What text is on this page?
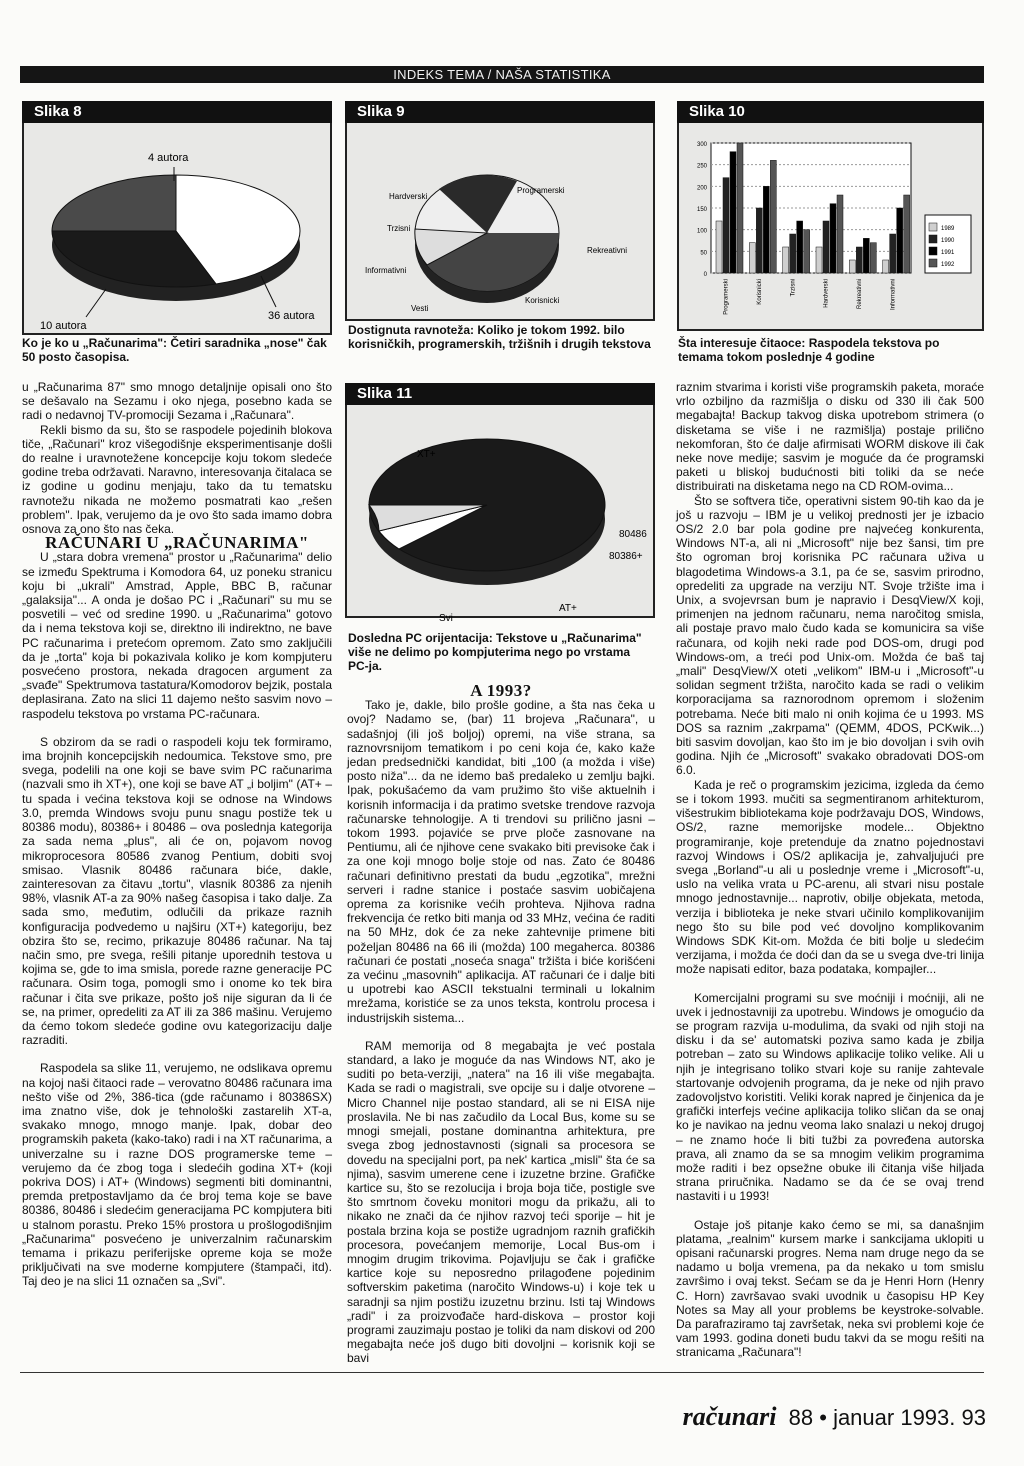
INDEKS TEMA / NAŠA STATISTIKA
Slika 8
4 autora
10 autora
36 autora
Ko je ko u „Računarima": Četiri saradnika „nose" čak 50 posto časopisa.
Slika 9
Programerski
Hardverski
Trzisni
Informativni
Vesti
Korisnicki
Rekreativni
Dostignuta ravnoteža: Koliko je tokom 1992. bilo korisničkih, programerskih, tržišnih i drugih tekstova
Slika 10
0
50
100
150
200
250
300
Programerski	Korisnicki	Trzisni	Hardverski	Rekreativni	Informativni
1989
1990
1991
1992
Šta interesuje čitaoce: Raspodela tekstova po temama tokom poslednje 4 godine
Slika 11
XT+
80486
80386+
AT+
Svi
Dosledna PC orijentacija: Tekstove u „Računarima" više ne delimo po kompjuterima nego po vrstama PC-ja.

u „Računarima 87" smo mnogo detaljnije opisali ono što se dešavalo na Sezamu i oko njega, posebno kada se radi o nedavnoj TV-promociji Sezama i „Računara".

Rekli bismo da su, što se raspodele pojedinih blokova tiče, „Računari" kroz višegodišnje eksperimentisanje došli do realne i uravnotežene koncepcije koju tokom sledeće godine treba održavati. Naravno, interesovanja čitalaca se iz godine u godinu menjaju, tako da tu tematsku ravnotežu nikada ne možemo posmatrati kao „rešen problem". Ipak, verujemo da je ovo što sada imamo dobra osnova za ono što nas čeka.

RAČUNARI U „RAČUNARIMA"

U „stara dobra vremena" prostor u „Računarima" delio se između Spektruma i Komodora 64, uz poneku stranicu koju bi „ukrali" Amstrad, Apple, BBC B, računar „galaksija"... A onda je došao PC i „Računari" su mu se posvetili – već od sredine 1990. u „Računarima" gotovo da i nema tekstova koji se, direktno ili indirektno, ne bave PC računarima i pretećom opremom. Zato smo zaključili da je „torta" koja bi pokazivala koliko je kom kompjuteru posvećeno prostora, nekada dragocen argument za „svađe" Spektrumova tastatura/Komodorov bejzik, postala deplasirana. Zato na slici 11 dajemo nešto sasvim novo – raspodelu tekstova po vrstama PC-računara.

S obzirom da se radi o raspodeli koju tek formiramo, ima brojnih koncepcijskih nedoumica. Tekstove smo, pre svega, podelili na one koji se bave svim PC računarima (nazvali smo ih XT+), one koji se bave AT „i boljim" (AT+ – tu spada i većina tekstova koji se odnose na Windows 3.0, premda Windows svoju punu snagu postiže tek u 80386 modu), 80386+ i 80486 – ova poslednja kategorija za sada nema „plus", ali će on, pojavom novog mikroprocesora 80586 zvanog Pentium, dobiti svoj smisao. Vlasnik 80486 računara biće, dakle, zainteresovan za čitavu „tortu", vlasnik 80386 za njenih 98%, vlasnik AT-a za 90% našeg časopisa i tako dalje. Za sada smo, međutim, odlučili da prikaze raznih konfiguracija podvedemo u najširu (XT+) kategoriju, bez obzira što se, recimo, prikazuje 80486 računar. Na taj način smo, pre svega, rešili pitanje uporednih testova u kojima se, gde to ima smisla, porede razne generacije PC računara. Osim toga, pomogli smo i onome ko tek bira računar i čita sve prikaze, pošto još nije siguran da li će se, na primer, opredeliti za AT ili za 386 mašinu. Verujemo da ćemo tokom sledeće godine ovu kategorizaciju dalje razraditi.

Raspodela sa slike 11, verujemo, ne odslikava opremu na kojoj naši čitaoci rade – verovatno 80486 računara ima nešto više od 2%, 386-tica (gde računamo i 80386SX) ima znatno više, dok je tehnološki zastarelih XT-a, svakako mnogo, mnogo manje. Ipak, dobar deo programskih paketa (kako-tako) radi i na XT računarima, a univerzalne su i razne DOS programerske teme – verujemo da će zbog toga i sledećih godina XT+ (koji pokriva DOS) i AT+ (Windows) segmenti biti dominantni, premda pretpostavljamo da će broj tema koje se bave 80386, 80486 i sledećim generacijama PC kompjutera biti u stalnom porastu. Preko 15% prostora u prošlogodišnjim „Računarima" posvećeno je univerzalnim računarskim temama i prikazu periferijske opreme koja se može priključivati na sve moderne kompjutere (štampači, itd). Taj deo je na slici 11 označen sa „Svi".

A 1993?

Tako je, dakle, bilo prošle godine, a šta nas čeka u ovoj? Nadamo se, (bar) 11 brojeva „Računara", u sadašnjoj (ili još boljoj) opremi, na više strana, sa raznovrsnijom tematikom i po ceni koja će, kako kaže jedan predsednički kandidat, biti „100 (a možda i više) posto niža"... da ne idemo baš predaleko u zemlju bajki. Ipak, pokušaćemo da vam pružimo što više aktuelnih i korisnih informacija i da pratimo svetske trendove razvoja računarske tehnologije. A ti trendovi su prilično jasni – tokom 1993. pojaviće se prve ploče zasnovane na Pentiumu, ali će njihove cene svakako biti previsoke čak i za one koji mnogo bolje stoje od nas. Zato će 80486 računari definitivno prestati da budu „egzotika", mrežni serveri i radne stanice i postaće sasvim uobičajena oprema za korisnike većih prohteva. Njihova radna frekvencija će retko biti manja od 33 MHz, većina će raditi na 50 MHz, dok će za neke zahtevnije primene biti poželjan 80486 na 66 ili (možda) 100 megaherca. 80386 računari će postati „noseća snaga" tržišta i biće korišćeni za većinu „masovnih" aplikacija. AT računari će i dalje biti u upotrebi kao ASCII tekstualni terminali u lokalnim mrežama, koristiće se za unos teksta, kontrolu procesa i industrijskih sistema...

RAM memorija od 8 megabajta je već postala standard, a lako je moguće da nas Windows NT, ako je suditi po beta-verziji, „natera" na 16 ili više megabajta. Kada se radi o magistrali, sve opcije su i dalje otvorene – Micro Channel nije postao standard, ali se ni EISA nije proslavila. Ne bi nas začudilo da Local Bus, kome su se mnogi smejali, postane dominantna arhitektura, pre svega zbog jednostavnosti (signali sa procesora se dovedu na specijalni port, pa nek' kartica „misli" šta će sa njima), sasvim umerene cene i izuzetne brzine. Grafičke kartice su, što se rezolucija i broja boja tiče, postigle sve što smrtnom čoveku monitori mogu da prikažu, ali to nikako ne znači da će njihov razvoj teći sporije – hit je postala brzina koja se postiže ugradnjom raznih grafičkih procesora, povećanjem memorije, Local Bus-om i mnogim drugim trikovima. Pojavljuju se čak i grafičke kartice koje su neposredno prilagođene pojedinim softverskim paketima (naročito Windows-u) i koje tek u saradnji sa njim postižu izuzetnu brzinu. Isti taj Windows „radi" i za proizvođače hard-diskova – prostor koji programi zauzimaju postao je toliki da nam diskovi od 200 megabajta neće još dugo biti dovoljni – korisnik koji se bavi

raznim stvarima i koristi više programskih paketa, moraće vrlo ozbiljno da razmišlja o disku od 330 ili čak 500 megabajta! Backup takvog diska upotrebom strimera (o disketama se više i ne razmišlja) postaje prilično nekomforan, što će dalje afirmisati WORM diskove ili čak neke nove medije; sasvim je moguće da će programski paketi u bliskoj budućnosti biti toliki da se neće distribuirati na disketama nego na CD ROM-ovima...

Što se softvera tiče, operativni sistem 90-tih kao da je još u razvoju – IBM je u velikoj prednosti jer je izbacio OS/2 2.0 bar pola godine pre najvećeg konkurenta, Windows NT-a, ali ni „Microsoft" nije bez šansi, tim pre što ogroman broj korisnika PC računara uživa u blagodetima Windows-a 3.1, pa će se, sasvim prirodno, opredeliti za upgrade na verziju NT. Svoje tržište ima i Unix, a svojevrsan bum je napravio i DesqView/X koji, primenjen na jednom računaru, nema naročitog smisla, ali postaje pravo malo čudo kada se komunicira sa više računara, od kojih neki rade pod DOS-om, drugi pod Windows-om, a treći pod Unix-om. Možda će baš taj „mali" DesqView/X oteti „velikom" IBM-u i „Microsoft"-u solidan segment tržišta, naročito kada se radi o velikim korporacijama sa raznorodnom opremom i složenim potrebama. Neće biti malo ni onih kojima će u 1993. MS DOS sa raznim „zakrpama" (QEMM, 4DOS, PCKwik...) biti sasvim dovoljan, kao što im je bio dovoljan i svih ovih godina. Njih će „Microsoft" svakako obradovati DOS-om 6.0.

Kada je reč o programskim jezicima, izgleda da ćemo se i tokom 1993. mučiti sa segmentiranom arhitekturom, višestrukim bibliotekama koje podržavaju DOS, Windows, OS/2, razne memorijske modele... Objektno programiranje, koje pretenduje da znatno pojednostavi razvoj Windows i OS/2 aplikacija je, zahvaljujući pre svega „Borland"-u ali u poslednje vreme i „Microsoft"-u, uslo na velika vrata u PC-arenu, ali stvari nisu postale mnogo jednostavnije... naprotiv, obilje objekata, metoda, verzija i biblioteka je neke stvari učinilo komplikovanijim nego što su bile pod već dovoljno komplikovanim Windows SDK Kit-om. Možda će biti bolje u sledećim verzijama, i možda će doći dan da se u svega dve-tri linija može napisati editor, baza podataka, kompajler...

Komercijalni programi su sve moćniji i moćniji, ali ne uvek i jednostavniji za upotrebu. Windows je omogućio da se program razvija u-modulima, da svaki od njih stoji na disku i da se' automatski poziva samo kada je zbilja potreban – zato su Windows aplikacije toliko velike. Ali u njih je integrisano toliko stvari koje su ranije zahtevale startovanje odvojenih programa, da je neke od njih pravo zadovoljstvo koristiti. Veliki korak napred je činjenica da je grafički interfejs većine aplikacija toliko sličan da se onaj ko je navikao na jednu veoma lako snalazi u nekoj drugoj – ne znamo hoće li biti tužbi za povređena autorska prava, ali znamo da se sa mnogim velikim programima može raditi i bez opsežne obuke ili čitanja više hiljada strana priručnika. Nadamo se da će se ovaj trend nastaviti i u 1993!

Ostaje još pitanje kako ćemo se mi, sa današnjim platama, „realnim" kursem marke i sankcijama uklopiti u opisani računarski progres. Nema nam druge nego da se nadamo u bolja vremena, pa da nekako u tom smislu zavrŝimo i ovaj tekst. Sećam se da je Henri Horn (Henry C. Horn) završavao svaki uvodnik u časopisu HP Key Notes sa May all your problems be keystroke-solvable. Da parafraziramo taj završetak, neka svi problemi koje će vam 1993. godina doneti budu takvi da se mogu rešiti na stranicama „Računara"!

računari 88 • januar 1993. 93
